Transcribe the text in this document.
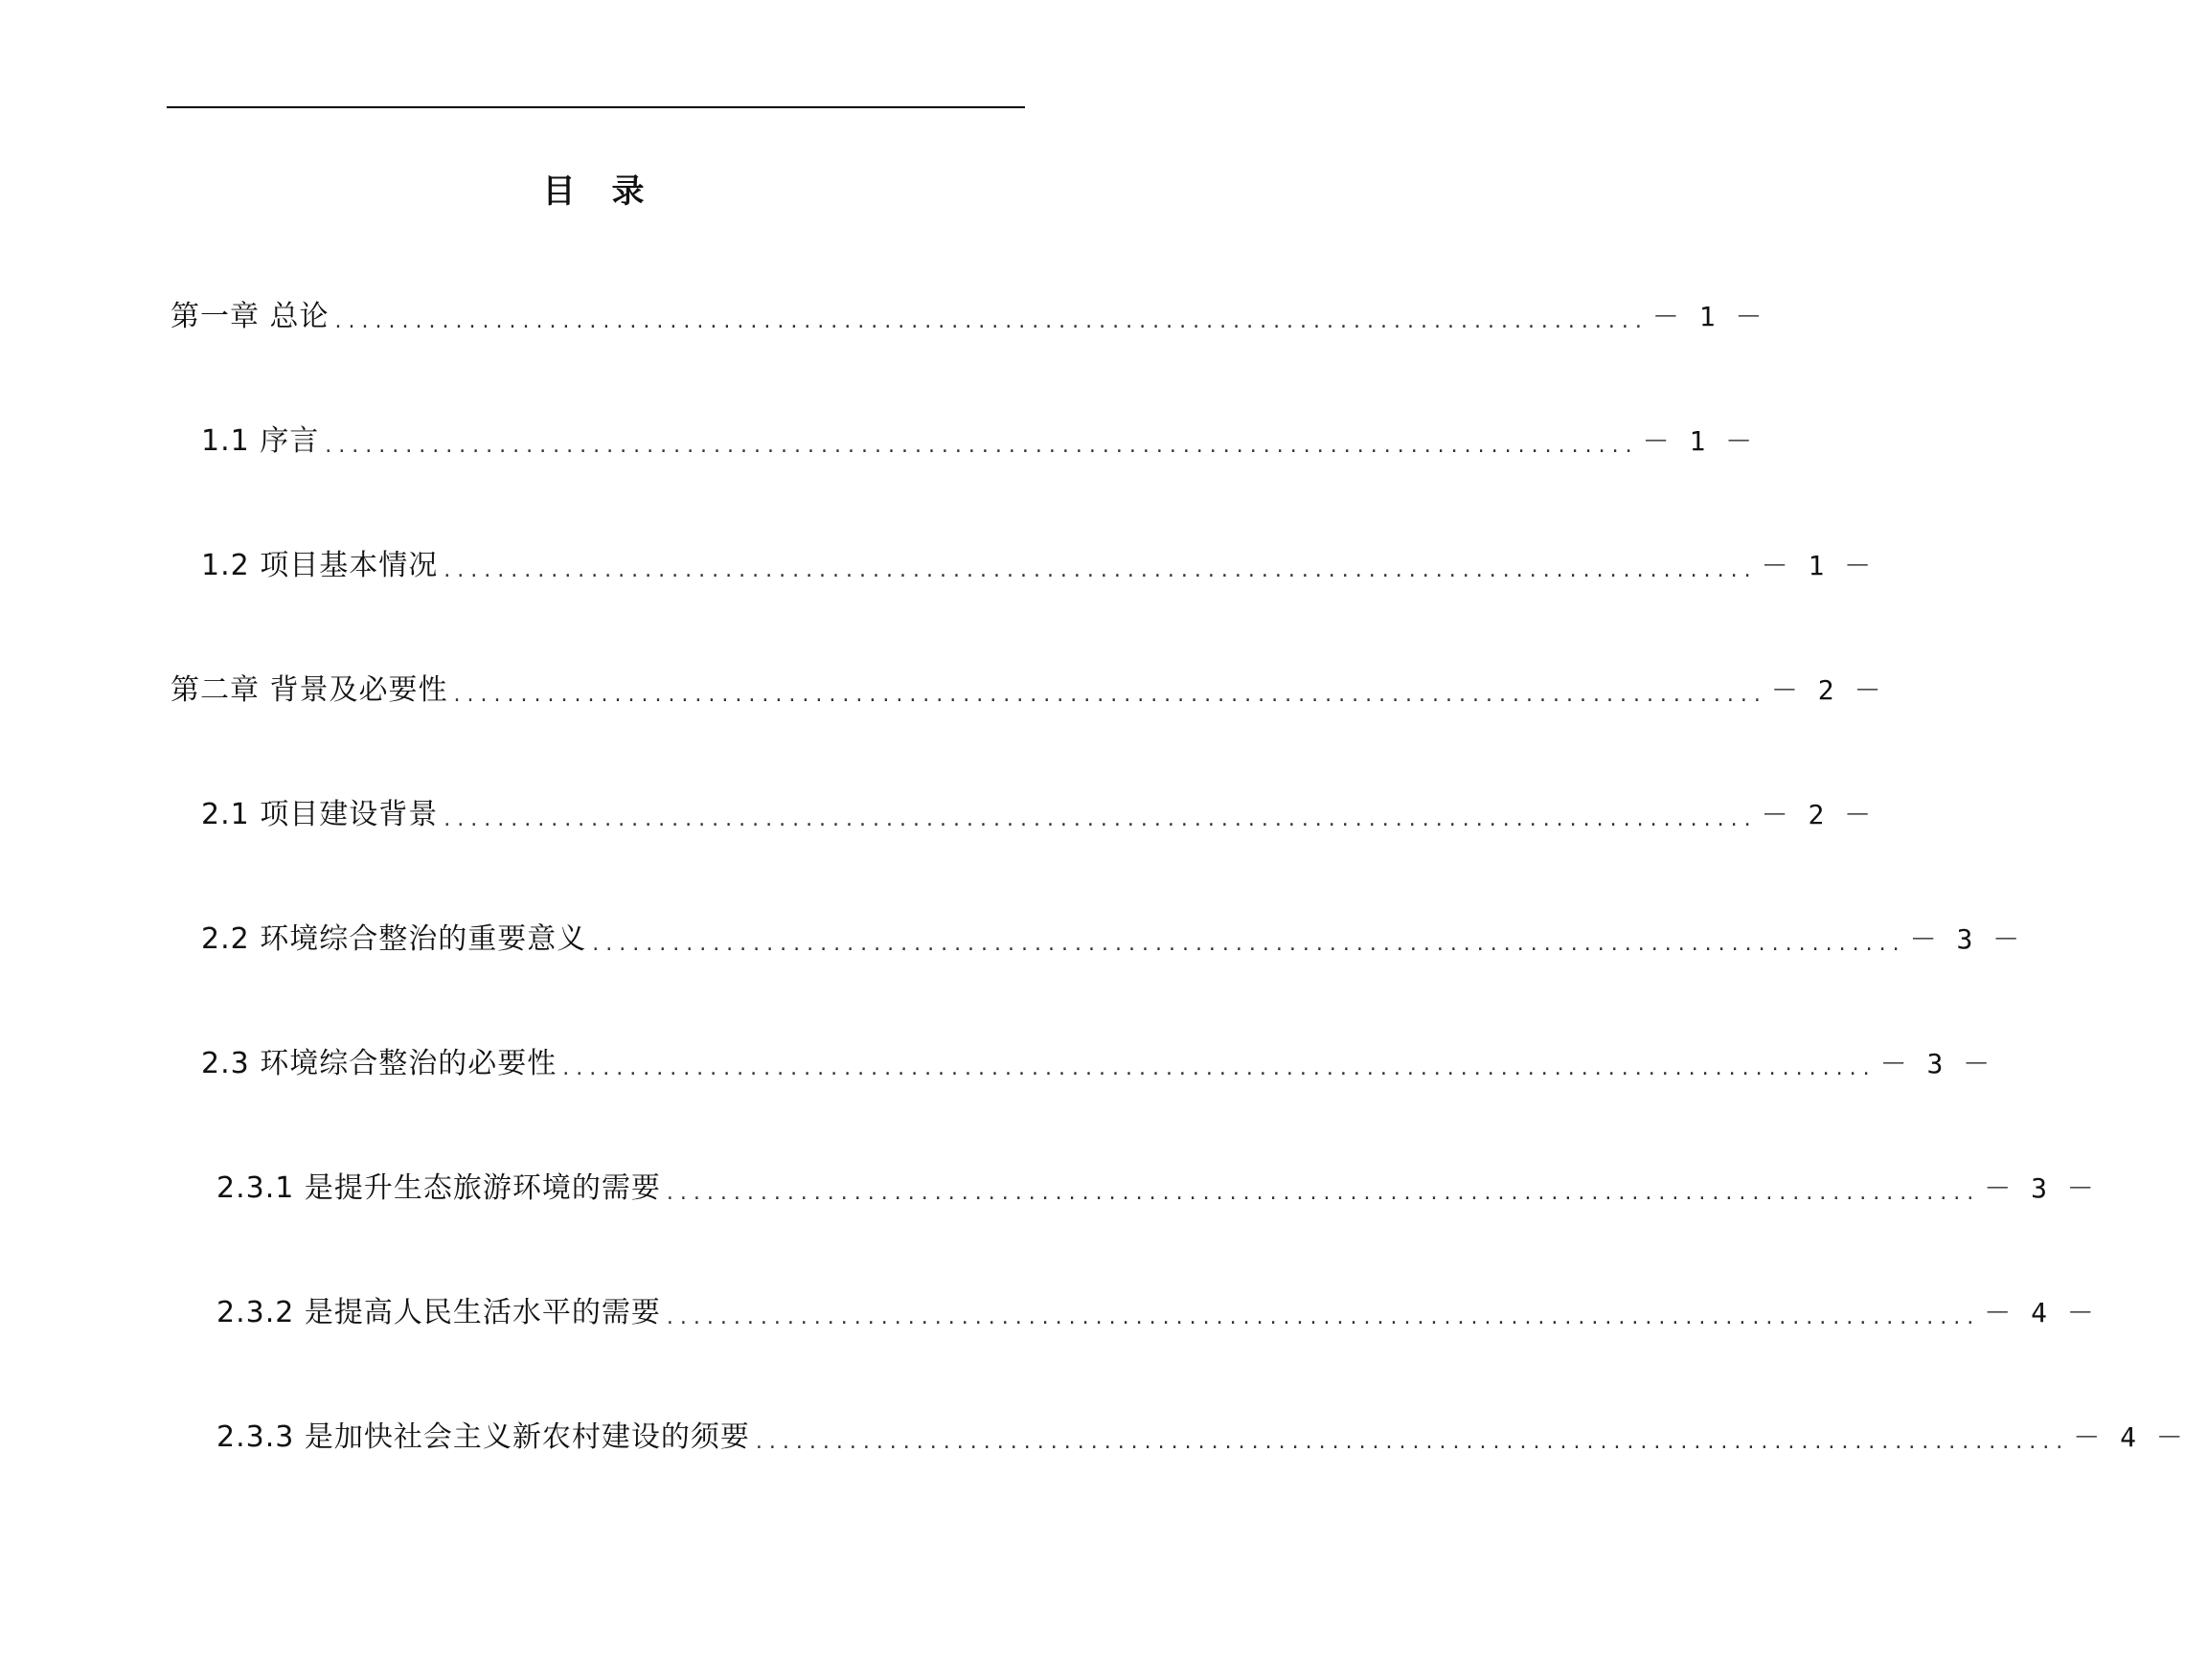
目　录
第一章 总论 .................................................................................................. － 1 －
1.1 序言 .................................................................................................. － 1 －
1.2 项目基本情况 .................................................................................................. － 1 －
第二章 背景及必要性 .................................................................................................. － 2 －
2.1 项目建设背景 .................................................................................................. － 2 －
2.2 环境综合整治的重要意义 .................................................................................................. － 3 －
2.3 环境综合整治的必要性 .................................................................................................. － 3 －
2.3.1 是提升生态旅游环境的需要 .................................................................................................. － 3 －
2.3.2 是提高人民生活水平的需要 .................................................................................................. － 4 －
2.3.3 是加快社会主义新农村建设的须要 .................................................................................................. － 4 －
